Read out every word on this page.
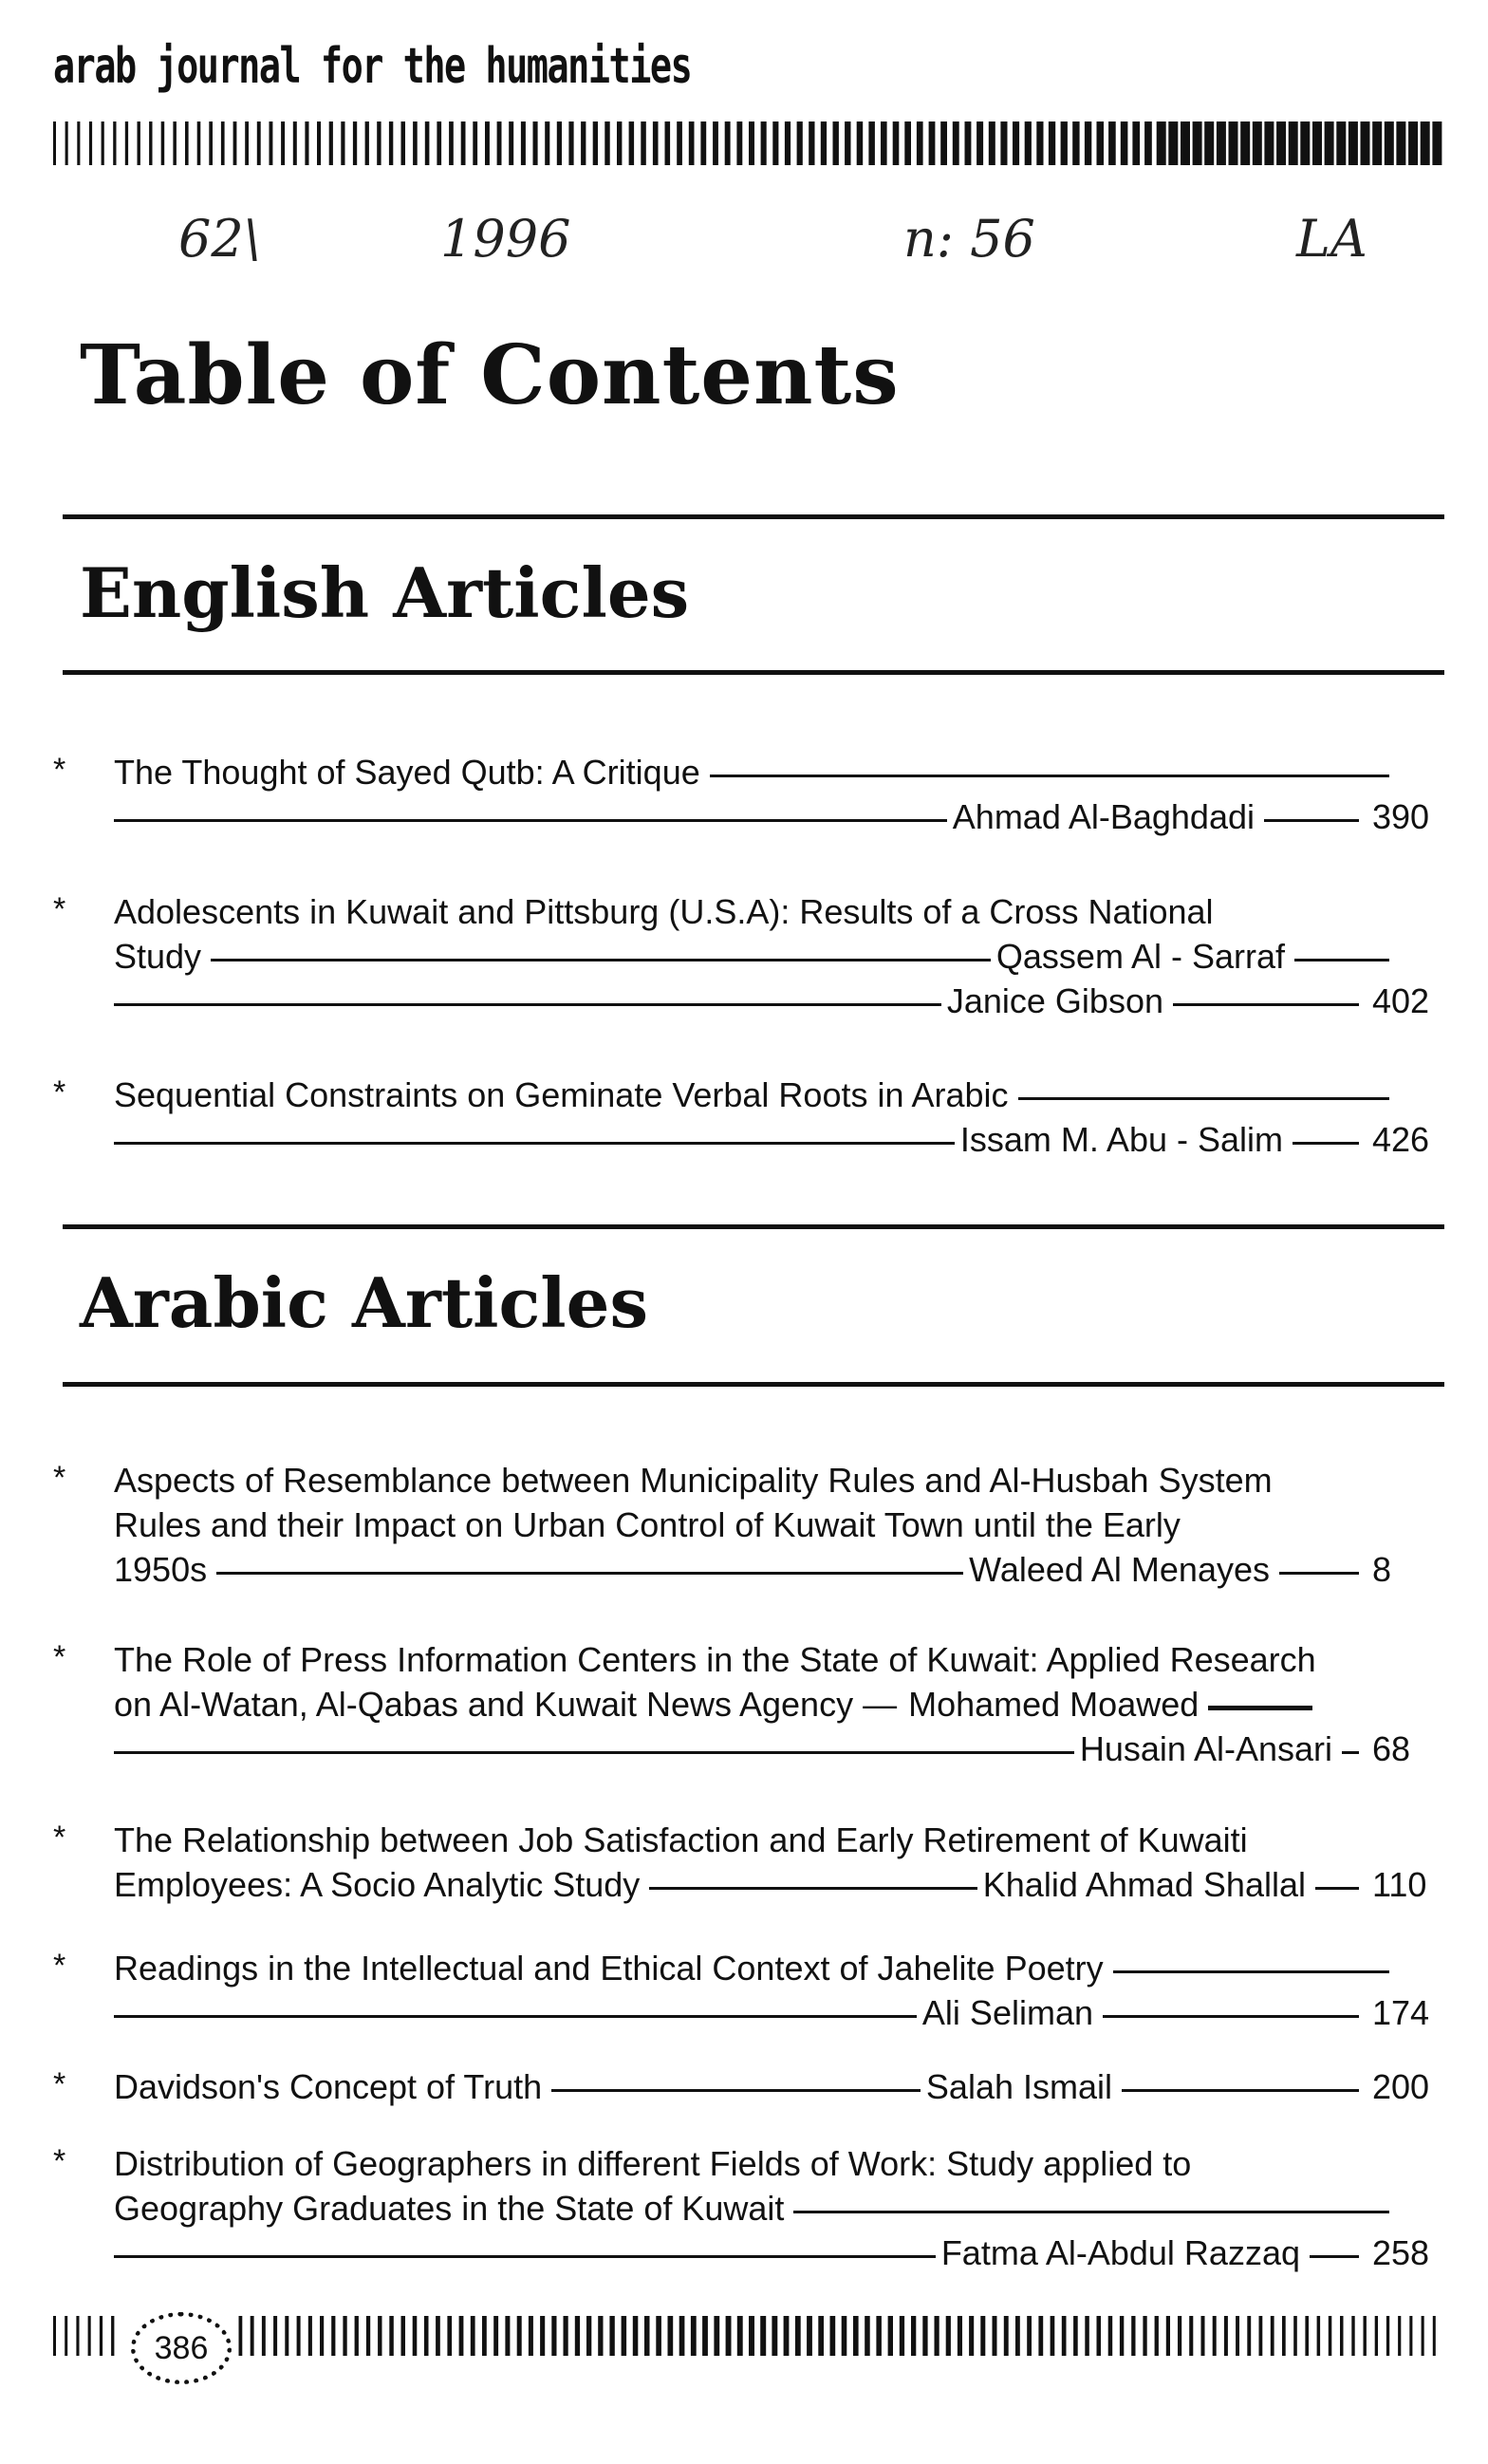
arab journal for the humanities
62\	1996	n: 56	LA
Table of Contents
English Articles
* The Thought of Sayed Qutb: A Critique
Ahmad Al-Baghdadi	390
* Adolescents in Kuwait and Pittsburg (U.S.A): Results of a Cross National
Study	Qassem Al - Sarraf
Janice Gibson	402
* Sequential Constraints on Geminate Verbal Roots in Arabic
Issam M. Abu - Salim	426
Arabic Articles
* Aspects of Resemblance between Municipality Rules and Al-Husbah System
Rules and their Impact on Urban Control of Kuwait Town until the Early
1950s	Waleed Al Menayes	8
* The Role of Press Information Centers in the State of Kuwait: Applied Research
on Al-Watan, Al-Qabas and Kuwait News Agency — Mohamed Moawed
Husain Al-Ansari 68
* The Relationship between Job Satisfaction and Early Retirement of Kuwaiti
Employees: A Socio Analytic Study	Khalid Ahmad Shallal 110
* Readings in the Intellectual and Ethical Context of Jahelite Poetry
Ali Seliman	174
* Davidson's Concept of Truth	Salah Ismail	200
* Distribution of Geographers in different Fields of Work: Study applied to
Geography Graduates in the State of Kuwait
Fatma Al-Abdul Razzaq 258
386
